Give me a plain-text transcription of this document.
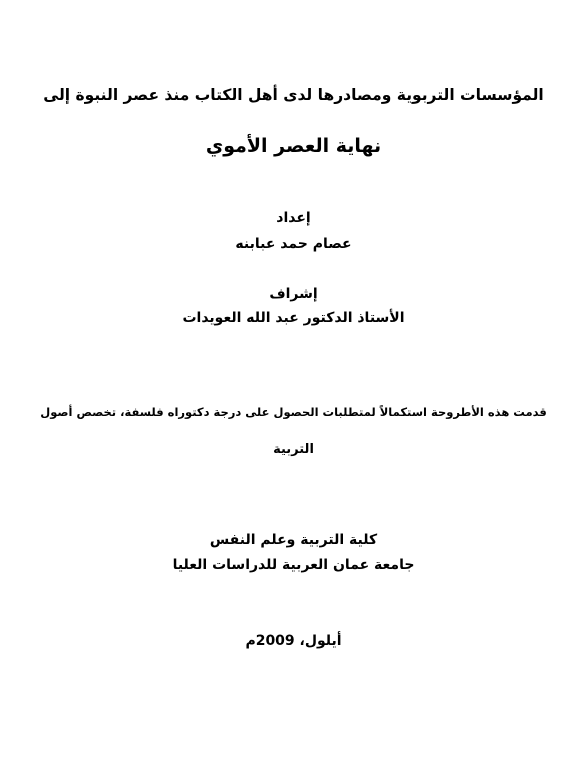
المؤسسات التربوية ومصادرها لدى أهل الكتاب منذ عصر النبوة إلى
نهاية العصر الأموي
إعداد
عصام حمد عبابنه
إشراف
الأستاذ الدكتور عبد الله العويدات
قدمت هذه الأطروحة استكمالاً لمتطلبات الحصول على درجة دكتوراه فلسفة، تخصص أصول
التربية
كلية التربية وعلم النفس
جامعة عمان العربية للدراسات العليا
أيلول، 2009م
